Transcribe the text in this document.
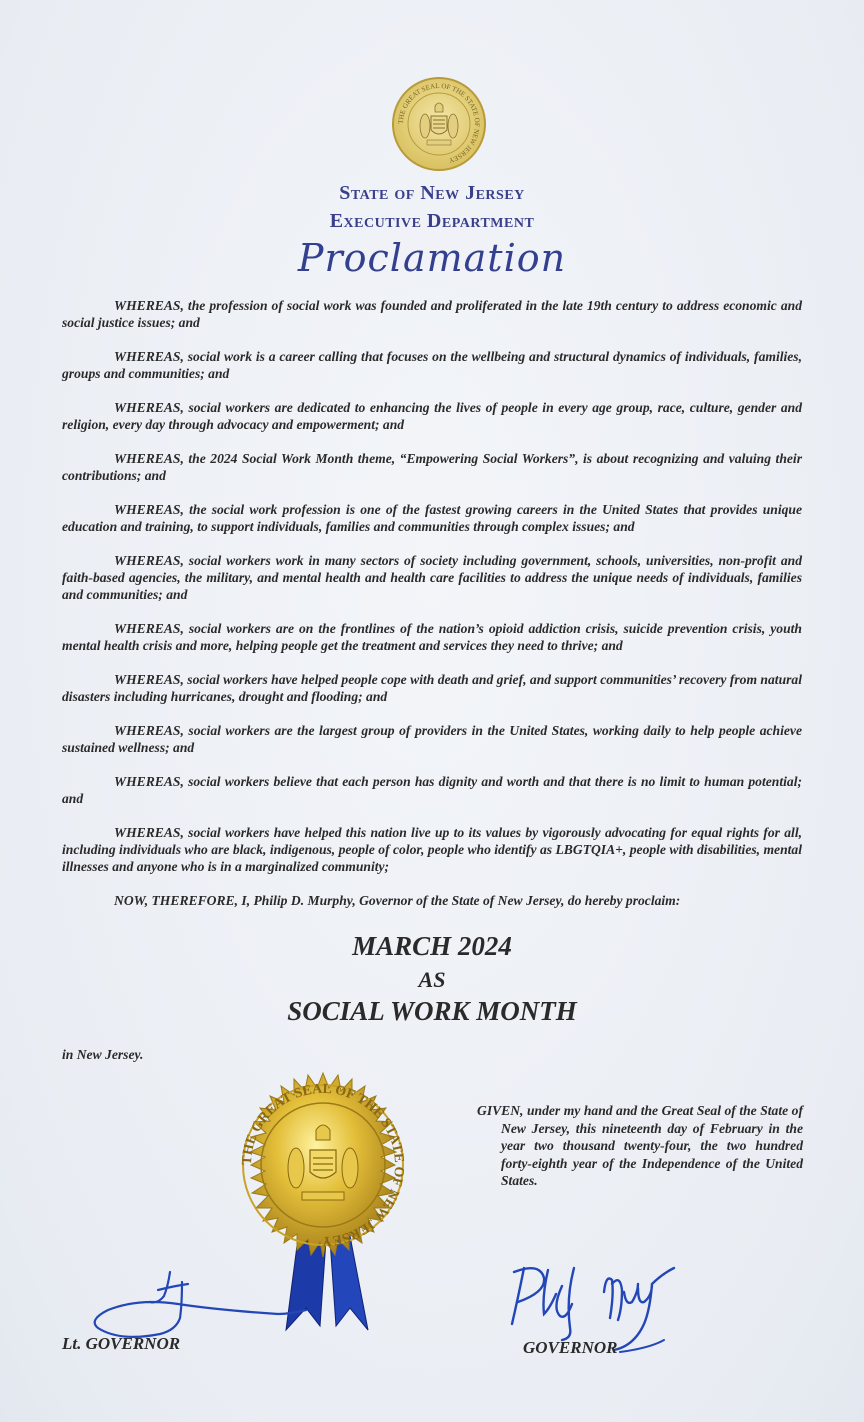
THE GREAT SEAL OF THE STATE OF NEW JERSEY
State of New Jersey
Executive Department
Proclamation

WHEREAS, the profession of social work was founded and proliferated in the late 19th century to address economic and social justice issues; and

WHEREAS, social work is a career calling that focuses on the wellbeing and structural dynamics of individuals, families, groups and communities; and

WHEREAS, social workers are dedicated to enhancing the lives of people in every age group, race, culture, gender and religion, every day through advocacy and empowerment; and

WHEREAS, the 2024 Social Work Month theme, “Empowering Social Workers”, is about recognizing and valuing their contributions; and

WHEREAS, the social work profession is one of the fastest growing careers in the United States that provides unique education and training, to support individuals, families and communities through complex issues; and

WHEREAS, social workers work in many sectors of society including government, schools, universities, non-profit and faith-based agencies, the military, and mental health and health care facilities to address the unique needs of individuals, families and communities; and

WHEREAS, social workers are on the frontlines of the nation’s opioid addiction crisis, suicide prevention crisis, youth mental health crisis and more, helping people get the treatment and services they need to thrive; and

WHEREAS, social workers have helped people cope with death and grief, and support communities’ recovery from natural disasters including hurricanes, drought and flooding; and

WHEREAS, social workers are the largest group of providers in the United States, working daily to help people achieve sustained wellness; and

WHEREAS, social workers believe that each person has dignity and worth and that there is no limit to human potential; and

WHEREAS, social workers have helped this nation live up to its values by vigorously advocating for equal rights for all, including individuals who are black, indigenous, people of color, people who identify as LBGTQIA+, people with disabilities, mental illnesses and anyone who is in a marginalized community;

NOW, THEREFORE, I, Philip D. Murphy, Governor of the State of New Jersey, do hereby proclaim:

MARCH 2024
AS
SOCIAL WORK MONTH
in New Jersey.
GIVEN, under my hand and the Great Seal of the State of New Jersey, this nineteenth day of February in the year two thousand twenty-four, the two hundred forty-eighth year of the Independence of the United States.
THE GREAT SEAL OF THE STATE OF NEW JERSEY
Lt. GOVERNOR	GOVERNOR
